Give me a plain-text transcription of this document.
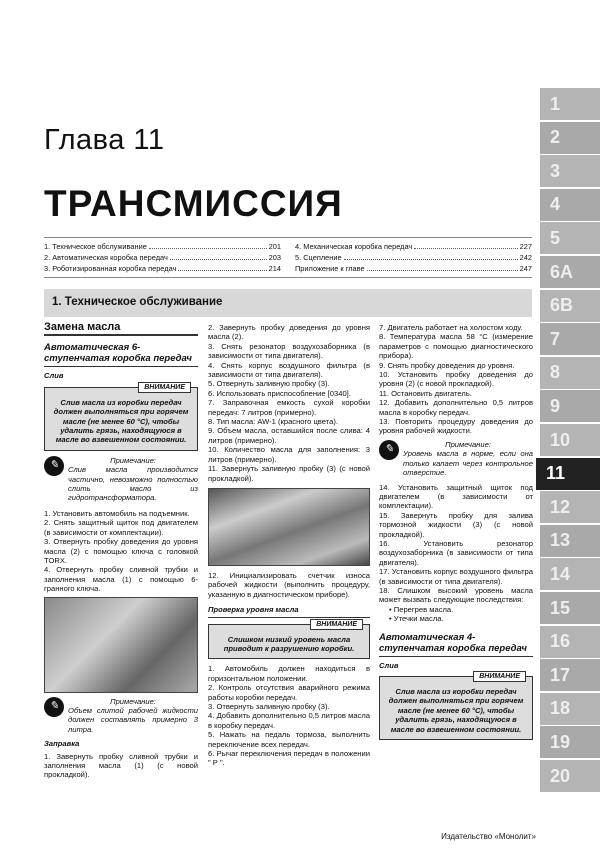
Глава 11
ТРАНСМИССИЯ
1. Техническое обслуживание	201
2. Автоматическая коробка передач	203
3. Роботизированная коробка передач	214
4. Механическая коробка передач	227
5. Сцепление	242
Приложение к главе	247
1. Техническое обслуживание
1
2
3
4
5
6A
6B
7
8
9
10
11
12
13
14
15
16
17
18
19
20
Замена масла
Автоматическая 6-ступенчатая коробка передач
Слив
ВНИМАНИЕ
Слив масла из коробки передач должен выполняться при горячем масле (не менее 60 °С), чтобы удалить грязь, находящуюся в масле во взвешенном состоянии.
✎	Примечание:

Слив масла производится частично, невозможно полностью слить масло из гидротрансформатора.

1. Установить автомобиль на подъемник.

2. Снять защитный щиток под двигателем (в зависимости от комплектации).

3. Отвернуть пробку доведения до уровня масла (2) с помощью ключа с головкой TORX.

4. Отвернуть пробку сливной трубки и заполнения масла (1) с помощью 6-гранного ключа.

✎	Примечание:

Объем слитой рабочей жидкости должен составлять примерно 3 литра.

Заправка

1. Завернуть пробку сливной трубки и заполнения масла (1) (с новой прокладкой).

2. Завернуть пробку доведения до уровня масла (2).

3. Снять резонатор воздухозаборника (в зависимости от типа двигателя).

4. Снять корпус воздушного фильтра (в зависимости от типа двигателя).

5. Отвернуть заливную пробку (3).

6. Использовать приспособление [0340].

7. Заправочная емкость сухой коробки передач: 7 литров (примерно).

8. Тип масла: AW-1 (красного цвета).

9. Объем масла, оставшийся после слива: 4 литров (примерно).

10. Количество масла для заполнения: 3 литров (примерно).

11. Завернуть заливную пробку (3) (с новой прокладкой).

12. Инициализировать счетчик износа рабочей жидкости (выполнить процедуру, указанную в диагностическом приборе).

Проверка уровня масла
ВНИМАНИЕ
Слишком низкий уровень масла приводит к разрушению коробки.

1. Автомобиль должен находиться в горизонтальном положении.

2. Контроль отсутствия аварийного режима работы коробки передач.

3. Отвернуть заливную пробку (3).

4. Добавить дополнительно 0,5 литров масла в коробку передач.

5. Нажать на педаль тормоза, выполнить переключение всех передач.

6. Рычаг переключения передач в положении " Р ".

7. Двигатель работает на холостом ходу.

8. Температура масла 58 °С (измерение параметров с помощью диагностического прибора).

9. Снять пробку доведения до уровня.

10. Установить пробку доведения до уровня (2) (с новой прокладкой).

11. Остановить двигатель.

12. Добавить дополнительно 0,5 литров масла в коробку передач.

13. Повторить процедуру доведения до уровня рабочей жидкости.

✎	Примечание:

Уровень масла в норме, если она только капает через контрольное отверстие.

14. Установить защитный щиток под двигателем (в зависимости от комплектации).

15. Завернуть пробку для залива тормозной жидкости (3) (с новой прокладкой).

16. Установить резонатор воздухозаборника (в зависимости от типа двигателя).

17. Установить корпус воздушного фильтра (в зависимости от типа двигателя).

18. Слишком высокий уровень масла может вызвать следующие последствия:

• Перегрев масла.

• Утечки масла.

Автоматическая 4-ступенчатая коробка передач
Слив
ВНИМАНИЕ
Слив масла из коробки передач должен выполняться при горячем масле (не менее 60 °С), чтобы удалить грязь, находящуюся в масле во взвешенном состоянии.
Издательство «Монолит»
